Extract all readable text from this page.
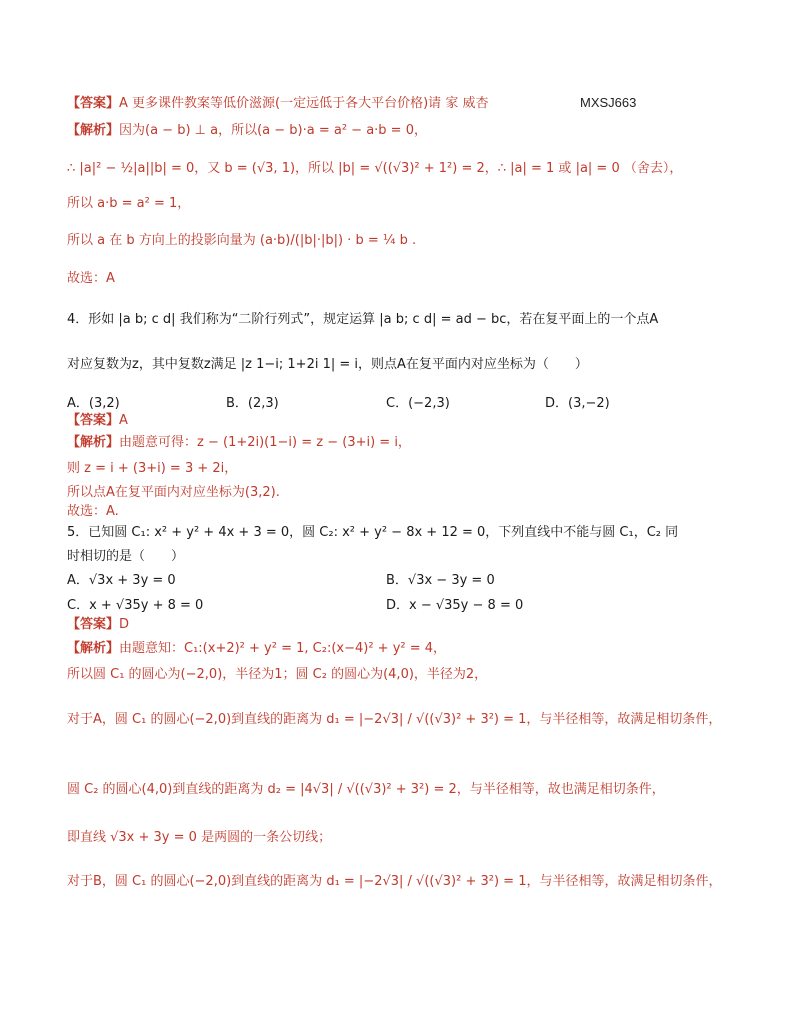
【答案】A 更多课件教案等低价滋源(一定远低于各大平台价格)请 家 威杏	MXSJ663
【解析】因为(a − b) ⊥ a，所以(a − b)·a = a² − a·b = 0，
∴ |a|² − ½|a||b| = 0，又 b = (√3, 1)，所以 |b| = √((√3)² + 1²) = 2，∴ |a| = 1 或 |a| = 0 （舍去），
所以 a·b = a² = 1，
所以 a 在 b 方向上的投影向量为 (a·b)/(|b|·|b|) · b = ¼ b .
故选：A
4．形如 |a b; c d| 我们称为“二阶行列式”，规定运算 |a b; c d| = ad − bc，若在复平面上的一个点A
对应复数为z，其中复数z满足 |z 1−i; 1+2i 1| = i，则点A在复平面内对应坐标为（　　）
A．(3,2)	B．(2,3)	C．(−2,3)	D．(3,−2)
【答案】A
【解析】由题意可得：z − (1+2i)(1−i) = z − (3+i) = i，
则 z = i + (3+i) = 3 + 2i，
所以点A在复平面内对应坐标为(3,2).
故选：A.
5．已知圆 C₁: x² + y² + 4x + 3 = 0，圆 C₂: x² + y² − 8x + 12 = 0，下列直线中不能与圆 C₁，C₂ 同
时相切的是（　　）
A．√3x + 3y = 0	B．√3x − 3y = 0
C．x + √35y + 8 = 0	D．x − √35y − 8 = 0
【答案】D
【解析】由题意知：C₁:(x+2)² + y² = 1, C₂:(x−4)² + y² = 4，
所以圆 C₁ 的圆心为(−2,0)，半径为1；圆 C₂ 的圆心为(4,0)，半径为2，
对于A，圆 C₁ 的圆心(−2,0)到直线的距离为 d₁ = |−2√3| / √((√3)² + 3²) = 1，与半径相等，故满足相切条件，
圆 C₂ 的圆心(4,0)到直线的距离为 d₂ = |4√3| / √((√3)² + 3²) = 2，与半径相等，故也满足相切条件，
即直线 √3x + 3y = 0 是两圆的一条公切线；
对于B，圆 C₁ 的圆心(−2,0)到直线的距离为 d₁ = |−2√3| / √((√3)² + 3²) = 1，与半径相等，故满足相切条件，
